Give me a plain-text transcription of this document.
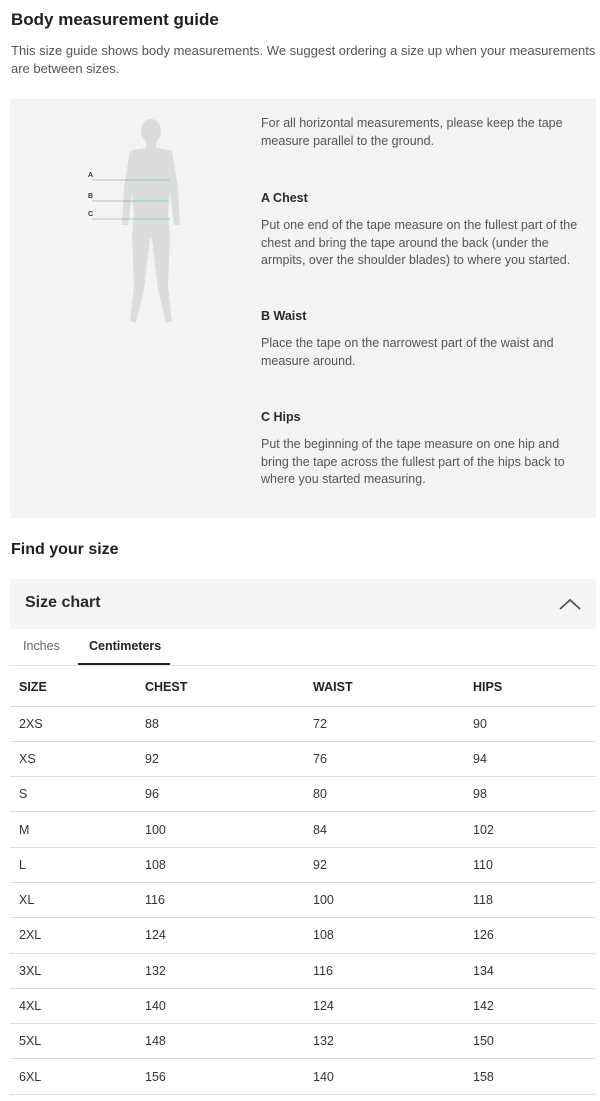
Body measurement guide
This size guide shows body measurements. We suggest ordering a size up when your measurements are between sizes.
A
B
C
For all horizontal measurements, please keep the tape measure parallel to the ground.
A Chest
Put one end of the tape measure on the fullest part of the chest and bring the tape around the back (under the armpits, over the shoulder blades) to where you started.
B Waist
Place the tape on the narrowest part of the waist and measure around.
C Hips
Put the beginning of the tape measure on one hip and bring the tape across the fullest part of the hips back to where you started measuring.
Find your size
Size chart
Inches Centimeters
SIZE	CHEST	WAIST	HIPS
2XS	88	72	90
XS	92	76	94
S	96	80	98
M	100	84	102
L	108	92	110
XL	116	100	118
2XL	124	108	126
3XL	132	116	134
4XL	140	124	142
5XL	148	132	150
6XL	156	140	158
